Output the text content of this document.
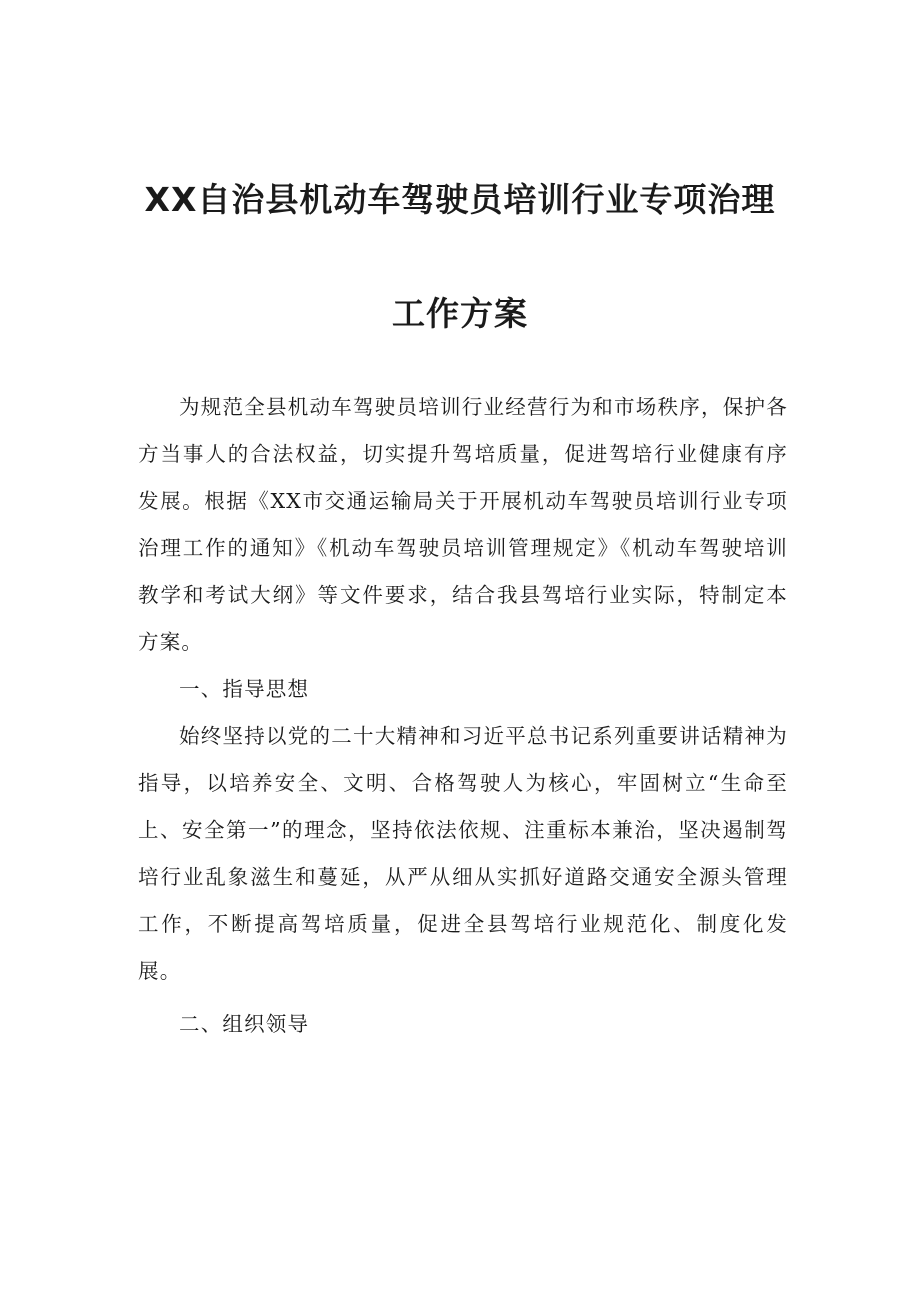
XX自治县机动车驾驶员培训行业专项治理
工作方案

为规范全县机动车驾驶员培训行业经营行为和市场秩序，保护各方当事人的合法权益，切实提升驾培质量，促进驾培行业健康有序发展。根据《XX市交通运输局关于开展机动车驾驶员培训行业专项治理工作的通知》《机动车驾驶员培训管理规定》《机动车驾驶培训教学和考试大纲》等文件要求，结合我县驾培行业实际，特制定本方案。

一、指导思想

始终坚持以党的二十大精神和习近平总书记系列重要讲话精神为指导，以培养安全、文明、合格驾驶人为核心，牢固树立“生命至上、安全第一”的理念，坚持依法依规、注重标本兼治，坚决遏制驾培行业乱象滋生和蔓延，从严从细从实抓好道路交通安全源头管理工作，不断提高驾培质量，促进全县驾培行业规范化、制度化发展。

二、组织领导
